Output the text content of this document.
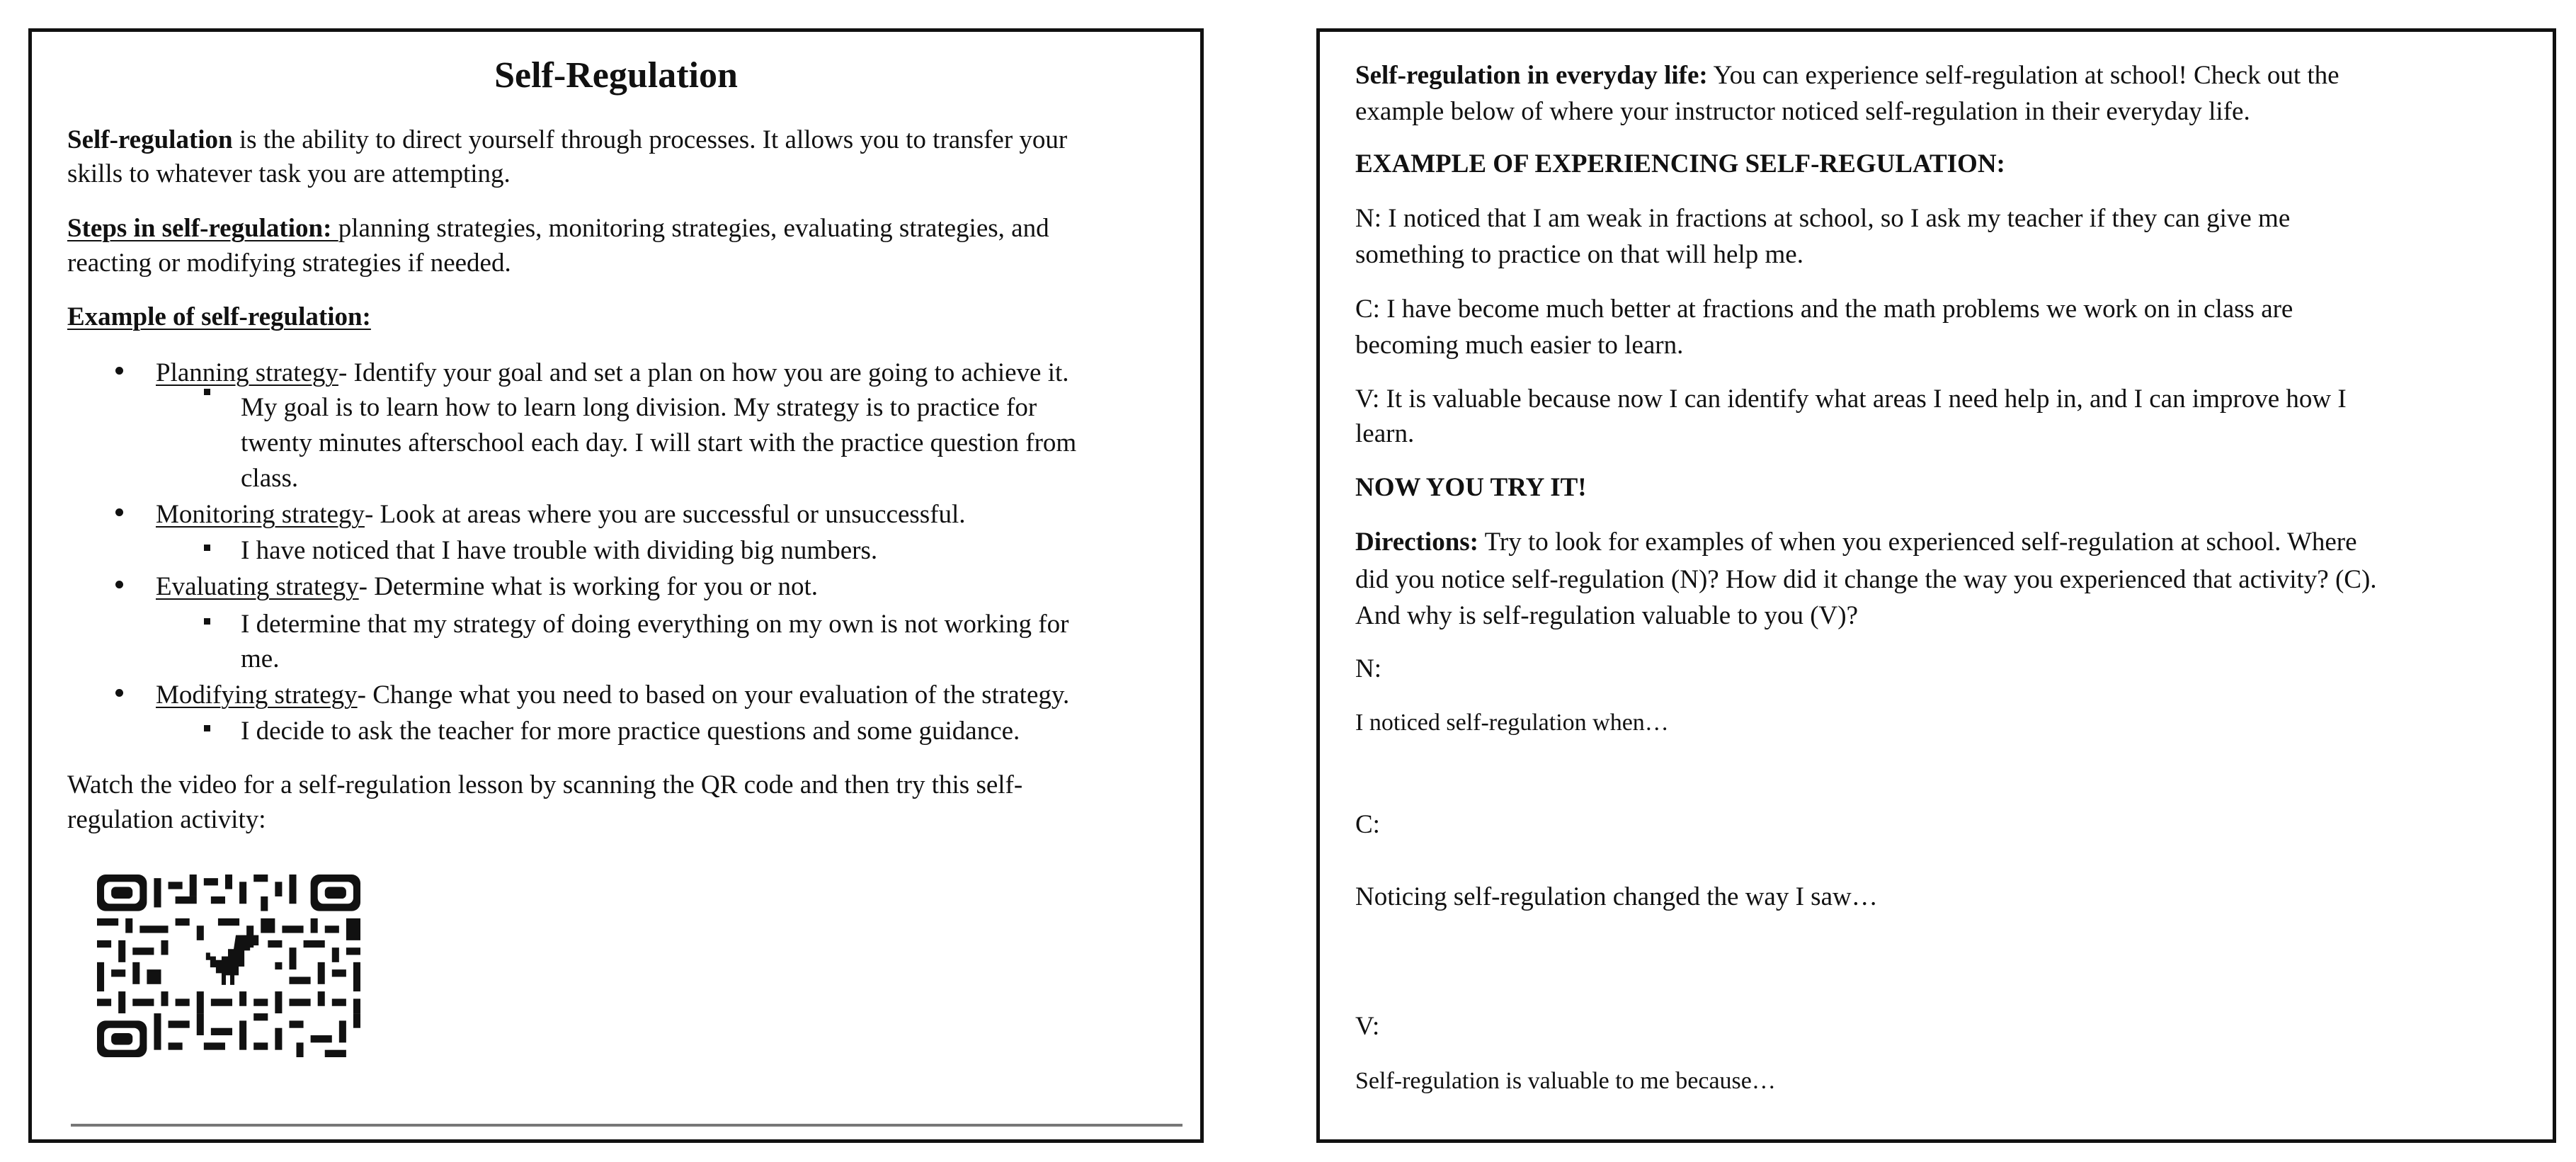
Self-Regulation
Self-regulation is the ability to direct yourself through processes. It allows you to transfer your
skills to whatever task you are attempting.
Steps in self-regulation: planning strategies, monitoring strategies, evaluating strategies, and
reacting or modifying strategies if needed.
Example of self-regulation:
Planning strategy- Identify your goal and set a plan on how you are going to achieve it.
My goal is to learn how to learn long division. My strategy is to practice for
twenty minutes afterschool each day. I will start with the practice question from
class.
Monitoring strategy- Look at areas where you are successful or unsuccessful.
I have noticed that I have trouble with dividing big numbers.
Evaluating strategy- Determine what is working for you or not.
I determine that my strategy of doing everything on my own is not working for
me.
Modifying strategy- Change what you need to based on your evaluation of the strategy.
I decide to ask the teacher for more practice questions and some guidance.
Watch the video for a self-regulation lesson by scanning the QR code and then try this self-
regulation activity:
Self-regulation in everyday life: You can experience self-regulation at school! Check out the
example below of where your instructor noticed self-regulation in their everyday life.
EXAMPLE OF EXPERIENCING SELF-REGULATION:
N: I noticed that I am weak in fractions at school, so I ask my teacher if they can give me
something to practice on that will help me.
C: I have become much better at fractions and the math problems we work on in class are
becoming much easier to learn.
V: It is valuable because now I can identify what areas I need help in, and I can improve how I
learn.
NOW YOU TRY IT!
Directions: Try to look for examples of when you experienced self-regulation at school. Where
did you notice self-regulation (N)? How did it change the way you experienced that activity? (C).
And why is self-regulation valuable to you (V)?
N:
I noticed self-regulation when…
C:
Noticing self-regulation changed the way I saw…
V:
Self-regulation is valuable to me because…
